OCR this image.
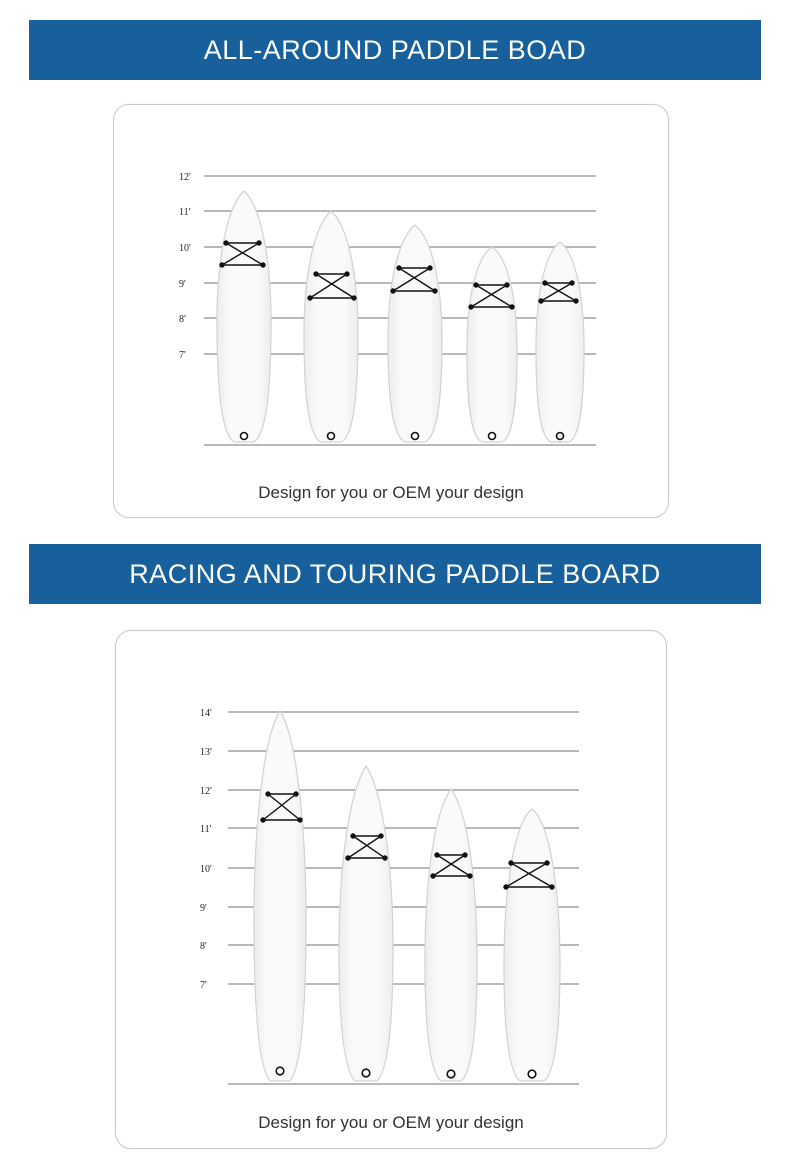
ALL-AROUND PADDLE BOAD
12'
11'
10'
9'
8'
7'
Design for you or OEM your design
RACING AND TOURING PADDLE BOARD
14'
13'
12'
11'
10'
9'
8'
7'
Design for you or OEM your design
